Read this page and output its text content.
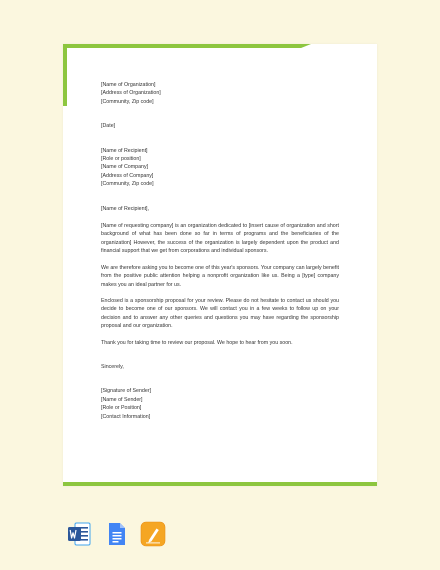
[Name of Organization]
[Address of Organization]
[Community, Zip code]
[Date]
[Name of Recipient]
[Role or position]
[Name of Company]
[Address of Company]
[Community, Zip code]
[Name of Recipient],

[Name of requesting company] is an organization dedicated to [insert cause of organization and short background of what has been done so far in terms of programs and the beneficiaries of the organization] However, the success of the organization is largely dependent upon the product and financial support that we get from corporations and individual sponsors.

We are therefore asking you to become one of this year's sponsors. Your company can largely benefit from the positive public attention helping a nonprofit organization like us. Being a [type] company makes you an ideal partner for us.

Enclosed is a sponsorship proposal for your review. Please do not hesitate to contact us should you decide to become one of our sponsors. We will contact you in a few weeks to follow up on your decision and to answer any other queries and questions you may have regarding the sponsorship proposal and our organization.

Thank you for taking time to review our proposal. We hope to hear from you soon.

Sincerely,
[Signature of Sender]
[Name of Sender]
[Role or Position]
[Contact Information]
